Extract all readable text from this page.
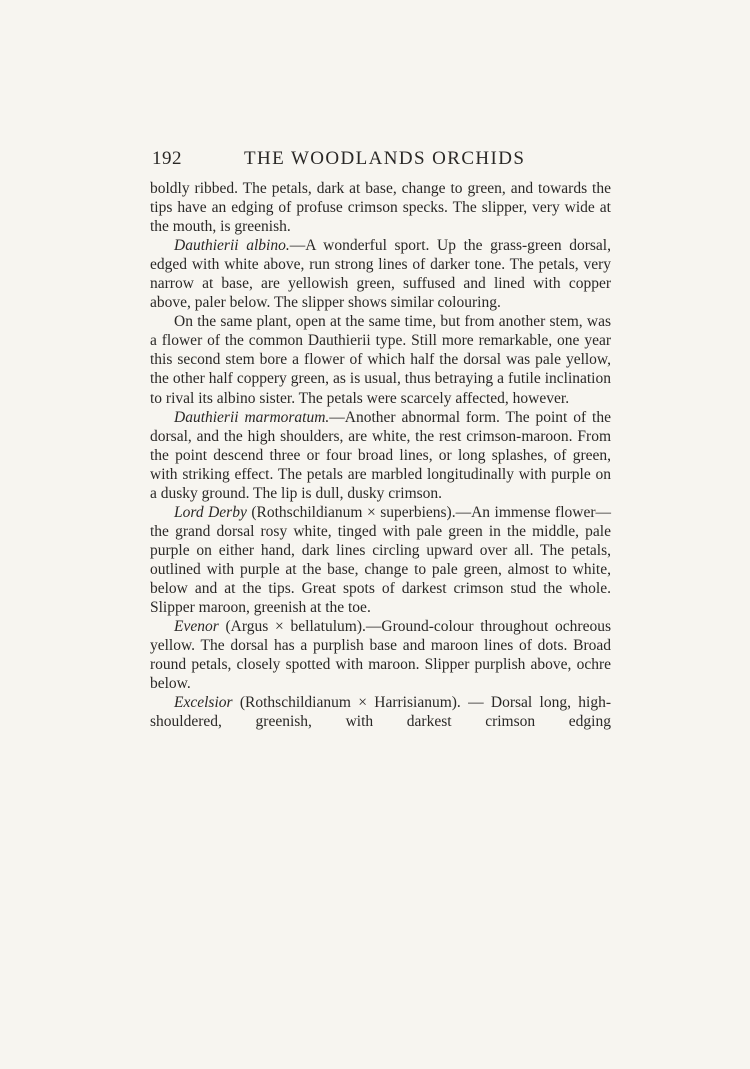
192	THE WOODLANDS ORCHIDS

boldly ribbed. The petals, dark at base, change to green, and towards the tips have an edging of profuse crimson specks. The slipper, very wide at the mouth, is greenish.

Dauthierii albino.—A wonderful sport. Up the grass-green dorsal, edged with white above, run strong lines of darker tone. The petals, very narrow at base, are yellowish green, suffused and lined with copper above, paler below. The slipper shows similar colouring.

On the same plant, open at the same time, but from another stem, was a flower of the common Dauthierii type. Still more remarkable, one year this second stem bore a flower of which half the dorsal was pale yellow, the other half coppery green, as is usual, thus betraying a futile inclination to rival its albino sister. The petals were scarcely affected, however.

Dauthierii marmoratum.—Another abnormal form. The point of the dorsal, and the high shoulders, are white, the rest crimson-maroon. From the point descend three or four broad lines, or long splashes, of green, with striking effect. The petals are marbled longitudinally with purple on a dusky ground. The lip is dull, dusky crimson.

Lord Derby (Rothschildianum × superbiens).—An immense flower—the grand dorsal rosy white, tinged with pale green in the middle, pale purple on either hand, dark lines circling upward over all. The petals, outlined with purple at the base, change to pale green, almost to white, below and at the tips. Great spots of darkest crimson stud the whole. Slipper maroon, greenish at the toe.

Evenor (Argus × bellatulum).—Ground-colour throughout ochreous yellow. The dorsal has a purplish base and maroon lines of dots. Broad round petals, closely spotted with maroon. Slipper purplish above, ochre below.

Excelsior (Rothschildianum × Harrisianum). — Dorsal long, high-shouldered, greenish, with darkest crimson edging
